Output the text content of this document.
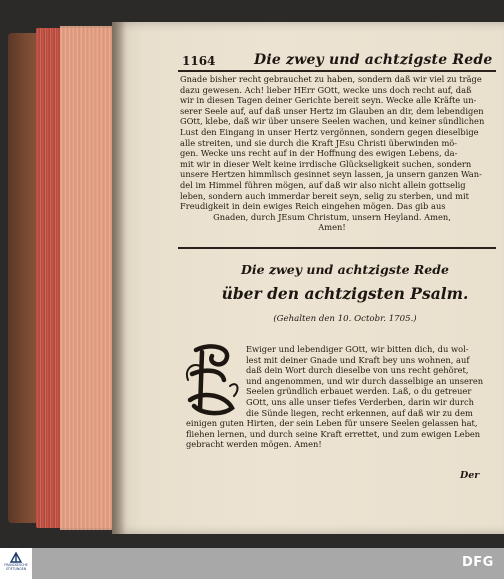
1164	Die zwey und achtzigste Rede
Gnade bisher recht gebrauchet zu haben, sondern daß wir viel zu träge
dazu gewesen. Ach! lieber HErr GOtt, wecke uns doch recht auf, daß
wir in diesen Tagen deiner Gerichte bereit seyn. Wecke alle Kräfte un-
serer Seele auf, auf daß unser Hertz im Glauben an dir, dem lebendigen
GOtt, klebe, daß wir über unsere Seelen wachen, und keiner sündlichen
Lust den Eingang in unser Hertz vergönnen, sondern gegen dieselbige
alle streiten, und sie durch die Kraft JEsu Christi überwinden mö-
gen. Wecke uns recht auf in der Hoffnung des ewigen Lebens, da-
mit wir in dieser Welt keine irrdische Glückseligkeit suchen, sondern
unsere Hertzen himmlisch gesinnet seyn lassen, ja unsern ganzen Wan-
del im Himmel führen mögen, auf daß wir also nicht allein gottselig
leben, sondern auch immerdar bereit seyn, selig zu sterben, und mit
Freudigkeit in dein ewiges Reich eingehen mögen. Das gib aus
Gnaden, durch JEsum Christum, unsern Heyland. Amen,
Amen!
Die zwey und achtzigste Rede
über den achtzigsten Psalm.
(Gehalten den 10. Octobr. 1705.)
Ewiger und lebendiger GOtt, wir bitten dich, du wol-
lest mit deiner Gnade und Kraft bey uns wohnen, auf
daß dein Wort durch dieselbe von uns recht gehöret,
und angenommen, und wir durch dasselbige an unseren
Seelen gründlich erbauet werden. Laß, o du getreuer
GOtt, uns alle unser tiefes Verderben, darin wir durch
die Sünde liegen, recht erkennen, auf daß wir zu dem
einigen guten Hirten, der sein Leben für unsere Seelen gelassen hat,
fliehen lernen, und durch seine Kraft errettet, und zum ewigen Leben
gebracht werden mögen. Amen!
Der
FRANCKESCHE STIFTUNGEN	DFG
